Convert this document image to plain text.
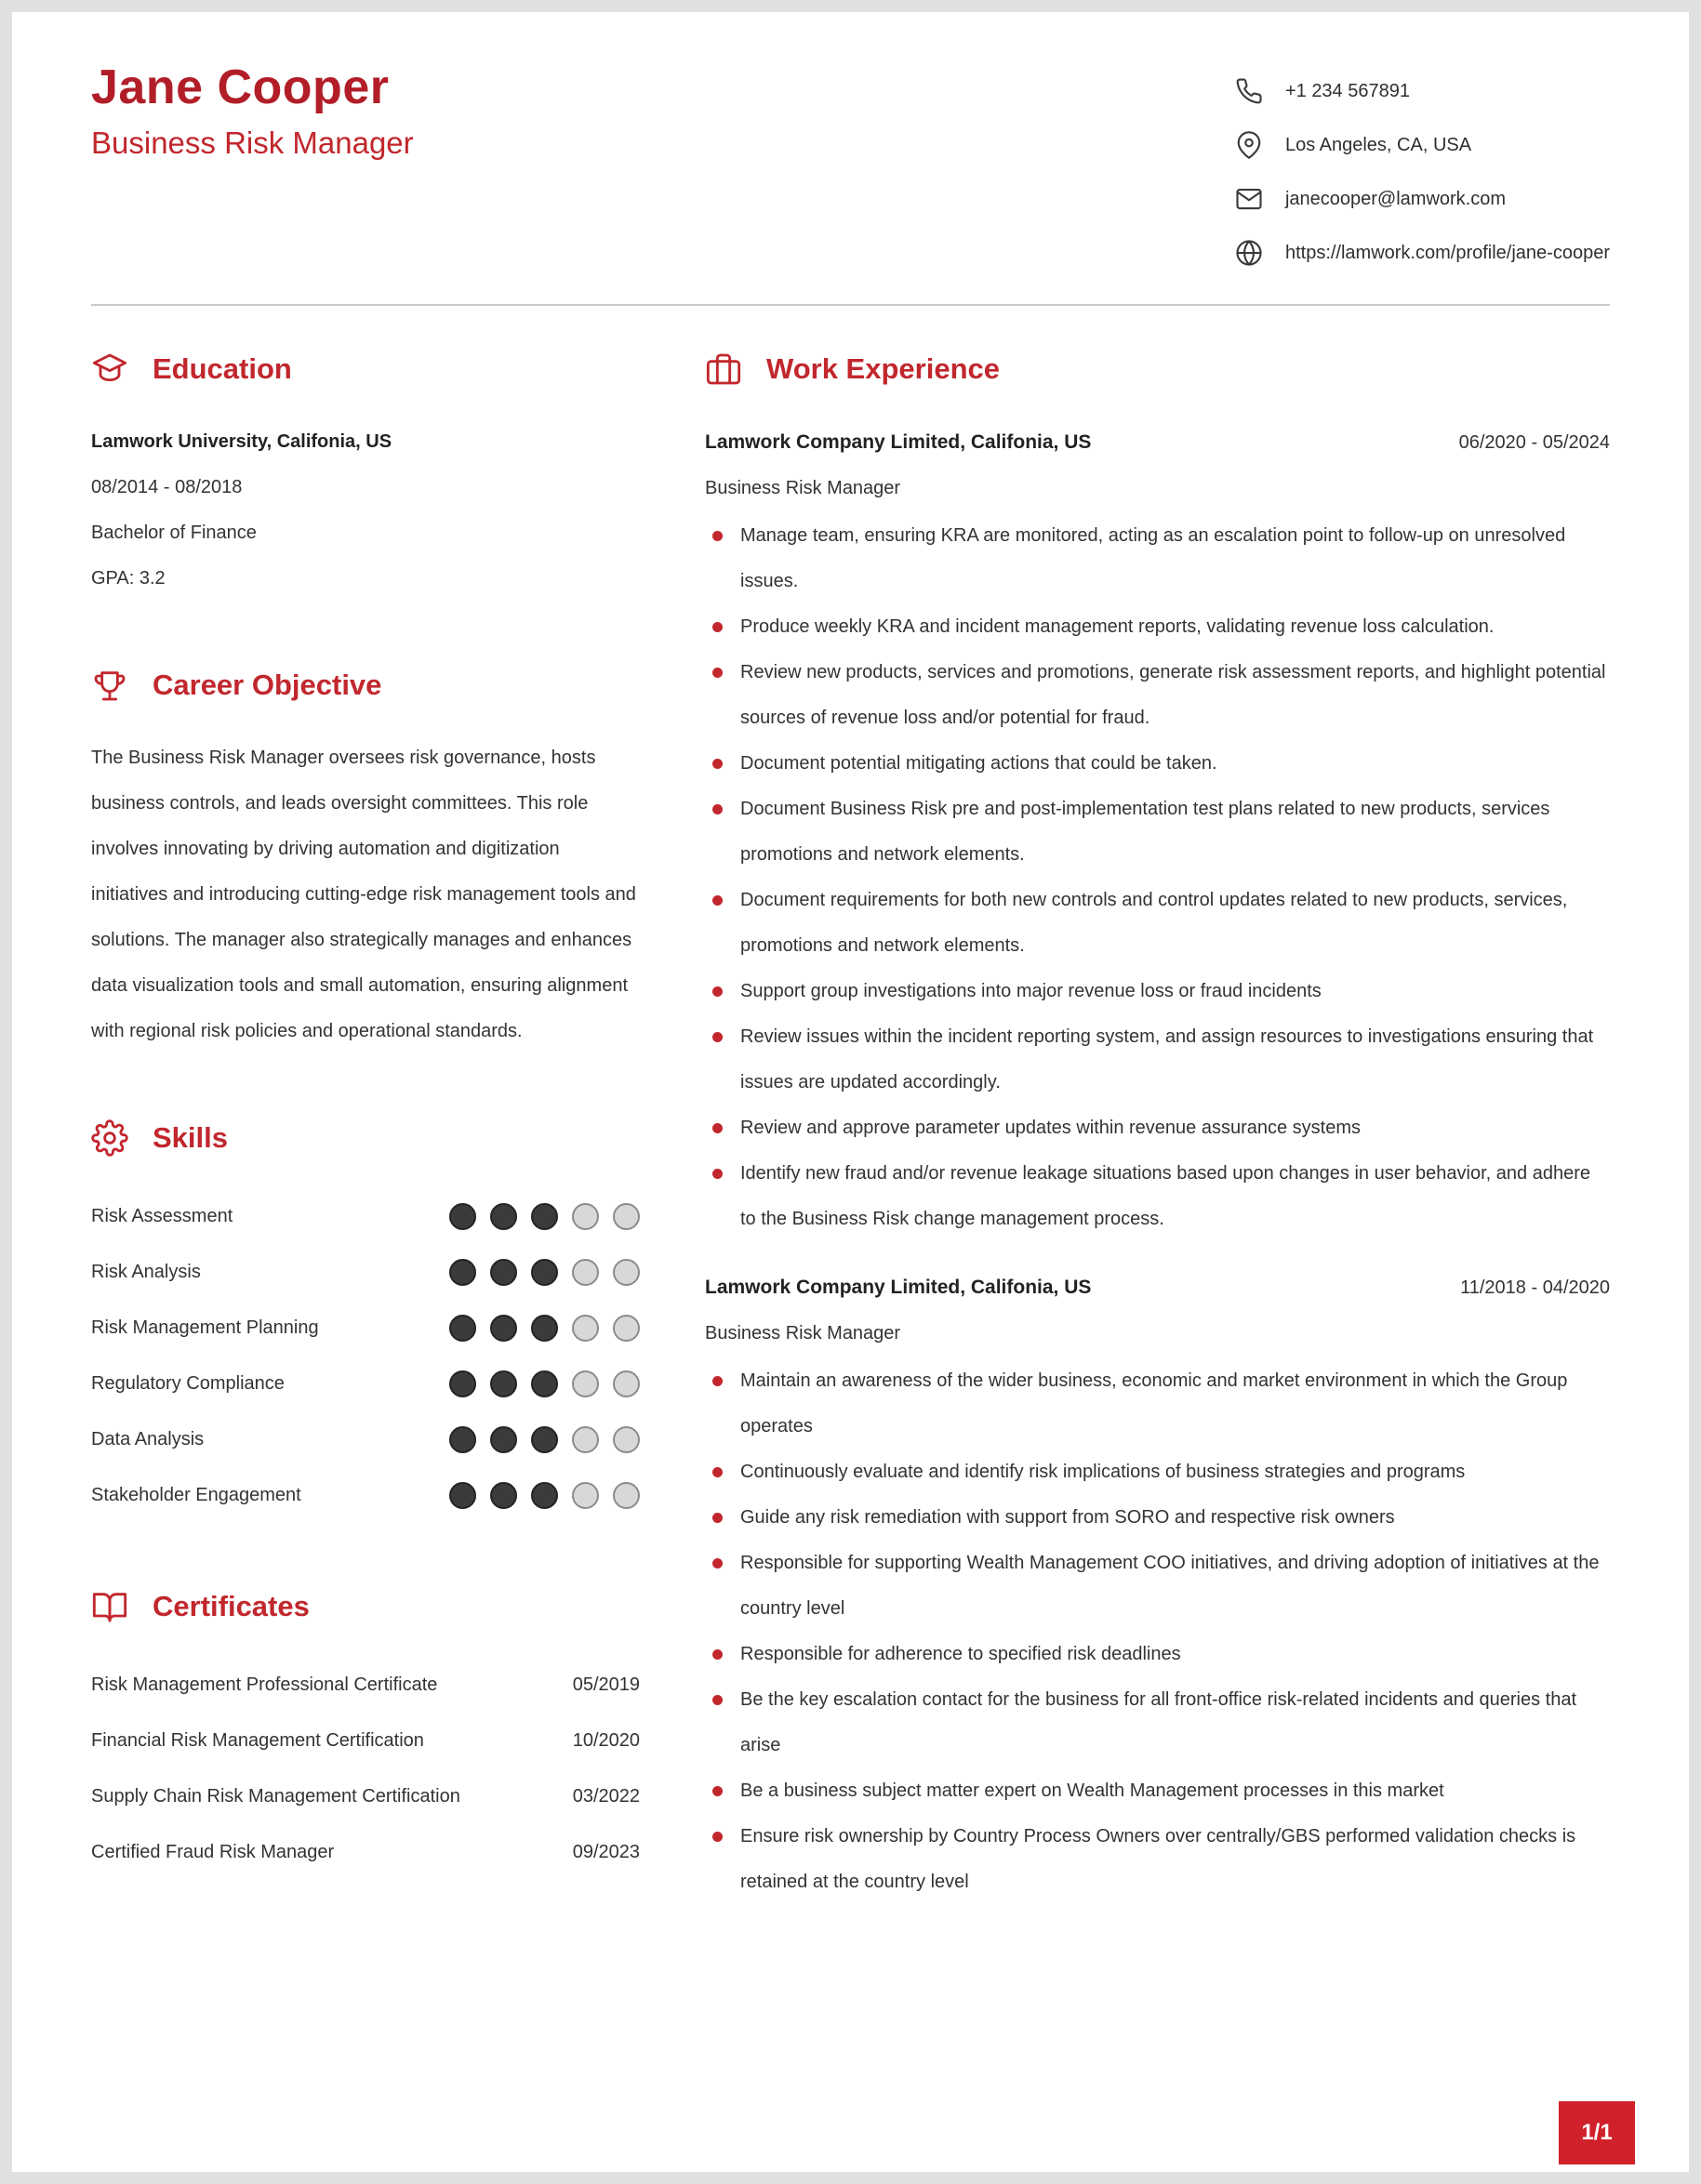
Jane Cooper
Business Risk Manager
+1 234 567891
Los Angeles, CA, USA
janecooper@lamwork.com
https://lamwork.com/profile/jane-cooper
Education

Lamwork University, Califonia, US

08/2014 - 08/2018

Bachelor of Finance

GPA: 3.2

Career Objective

The Business Risk Manager oversees risk governance, hosts business controls, and leads oversight committees. This role involves innovating by driving automation and digitization initiatives and introducing cutting-edge risk management tools and solutions. The manager also strategically manages and enhances data visualization tools and small automation, ensuring alignment with regional risk policies and operational standards.

Skills
Risk Assessment
Risk Analysis
Risk Management Planning
Regulatory Compliance
Data Analysis
Stakeholder Engagement
Certificates
Risk Management Professional Certificate	05/2019
Financial Risk Management Certification	10/2020
Supply Chain Risk Management Certification	03/2022
Certified Fraud Risk Manager	09/2023
Work Experience
Lamwork Company Limited, Califonia, US	06/2020 - 05/2024
Business Risk Manager
Manage team, ensuring KRA are monitored, acting as an escalation point to follow-up on unresolved issues.
Produce weekly KRA and incident management reports, validating revenue loss calculation.
Review new products, services and promotions, generate risk assessment reports, and highlight potential sources of revenue loss and/or potential for fraud.
Document potential mitigating actions that could be taken.
Document Business Risk pre and post-implementation test plans related to new products, services promotions and network elements.
Document requirements for both new controls and control updates related to new products, services, promotions and network elements.
Support group investigations into major revenue loss or fraud incidents
Review issues within the incident reporting system, and assign resources to investigations ensuring that issues are updated accordingly.
Review and approve parameter updates within revenue assurance systems
Identify new fraud and/or revenue leakage situations based upon changes in user behavior, and adhere to the Business Risk change management process.
Lamwork Company Limited, Califonia, US	11/2018 - 04/2020
Business Risk Manager
Maintain an awareness of the wider business, economic and market environment in which the Group operates
Continuously evaluate and identify risk implications of business strategies and programs
Guide any risk remediation with support from SORO and respective risk owners
Responsible for supporting Wealth Management COO initiatives, and driving adoption of initiatives at the country level
Responsible for adherence to specified risk deadlines
Be the key escalation contact for the business for all front-office risk-related incidents and queries that arise
Be a business subject matter expert on Wealth Management processes in this market
Ensure risk ownership by Country Process Owners over centrally/GBS performed validation checks is retained at the country level
1/1
